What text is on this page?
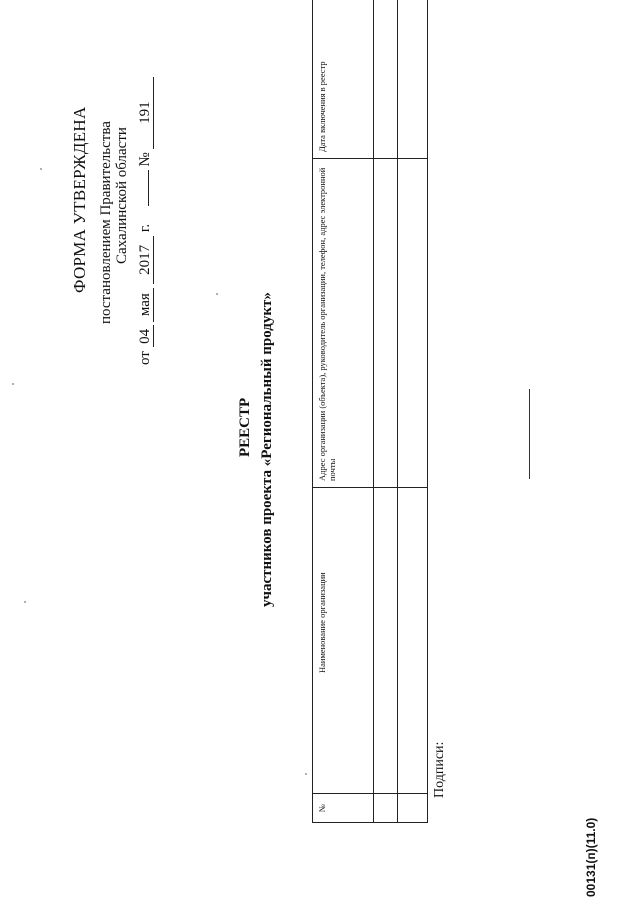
ФОРМА УТВЕРЖДЕНА постановлением Правительства Сахалинской области
от 04 мая 2017 г.   № 191
РЕЕСТР участников проекта «Региональный продукт»
№	Наименование организации	Адрес организации (объекта), руководитель организации, телефон, адрес электронной почты	Дата включения в реестр

Подписи:
00131(п)(11.0)
